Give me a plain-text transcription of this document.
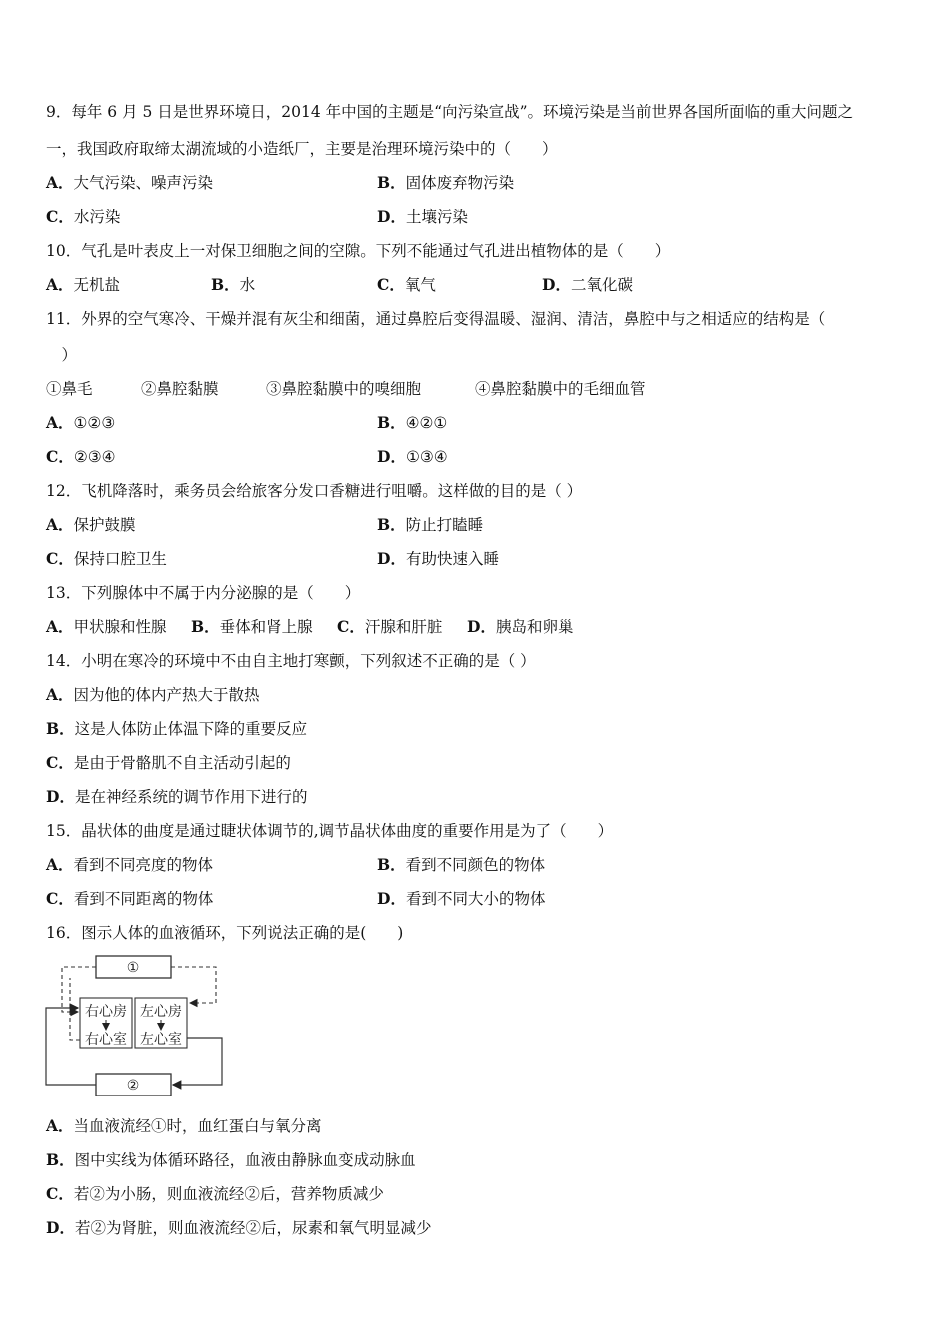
9．每年 6 月 5 日是世界环境日，2014 年中国的主题是“向污染宣战”。环境污染是当前世界各国所面临的重大问题之
一，我国政府取缔太湖流域的小造纸厂，主要是治理环境污染中的（　　）
A．大气污染、噪声污染	B．固体废弃物污染
C．水污染	D．土壤污染
10．气孔是叶表皮上一对保卫细胞之间的空隙。下列不能通过气孔进出植物体的是（　　）
A．无机盐	B．水	C．氧气	D．二氧化碳
11．外界的空气寒冷、干燥并混有灰尘和细菌，通过鼻腔后变得温暖、湿润、清洁，鼻腔中与之相适应的结构是（
　）
①鼻毛	②鼻腔黏膜	③鼻腔黏膜中的嗅细胞	④鼻腔黏膜中的毛细血管
A．①②③	B．④②①
C．②③④	D．①③④
12．飞机降落时，乘务员会给旅客分发口香糖进行咀嚼。这样做的目的是（ ）
A．保护鼓膜	B．防止打瞌睡
C．保持口腔卫生	D．有助快速入睡
13．下列腺体中不属于内分泌腺的是（　　）
A．甲状腺和性腺 B．垂体和肾上腺 C．汗腺和肝脏 D．胰岛和卵巢
14．小明在寒冷的环境中不由自主地打寒颤，下列叙述不正确的是（ ）
A．因为他的体内产热大于散热
B．这是人体防止体温下降的重要反应
C．是由于骨骼肌不自主活动引起的
D．是在神经系统的调节作用下进行的
15．晶状体的曲度是通过睫状体调节的,调节晶状体曲度的重要作用是为了（　　）
A．看到不同亮度的物体	B．看到不同颜色的物体
C．看到不同距离的物体	D．看到不同大小的物体
16．图示人体的血液循环，下列说法正确的是(　　)
①
②
右心房 左心房
右心室 左心室
A．当血液流经①时，血红蛋白与氧分离
B．图中实线为体循环路径，血液由静脉血变成动脉血
C．若②为小肠，则血液流经②后，营养物质减少
D．若②为肾脏，则血液流经②后，尿素和氧气明显减少
